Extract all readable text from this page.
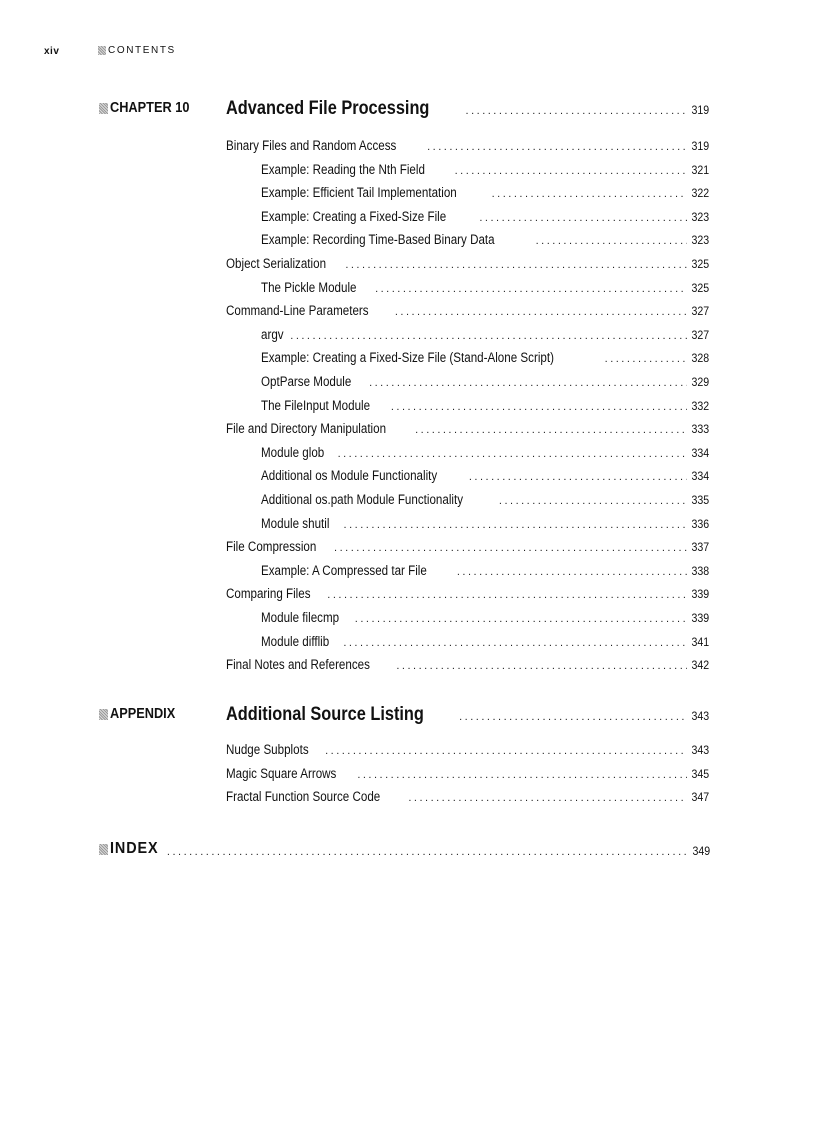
xiv	CONTENTS
CHAPTER 10 Advanced File Processing .....	319
Binary Files and Random Access .....	319
Example: Reading the Nth Field .....	321
Example: Efficient Tail Implementation .....	322
Example: Creating a Fixed-Size File .....	323
Example: Recording Time-Based Binary Data .....	323
Object Serialization .....	325
The Pickle Module .....	325
Command-Line Parameters .....	327
argv .....	327
Example: Creating a Fixed-Size File (Stand-Alone Script) .....	328
OptParse Module .....	329
The FileInput Module .....	332
File and Directory Manipulation .....	333
Module glob .....	334
Additional os Module Functionality .....	334
Additional os.path Module Functionality .....	335
Module shutil .....	336
File Compression .....	337
Example: A Compressed tar File .....	338
Comparing Files .....	339
Module filecmp .....	339
Module difflib .....	341
Final Notes and References .....	342
APPENDIX	Additional Source Listing .....	343
Nudge Subplots .....	343
Magic Square Arrows .....	345
Fractal Function Source Code .....	347
INDEX .....	349
